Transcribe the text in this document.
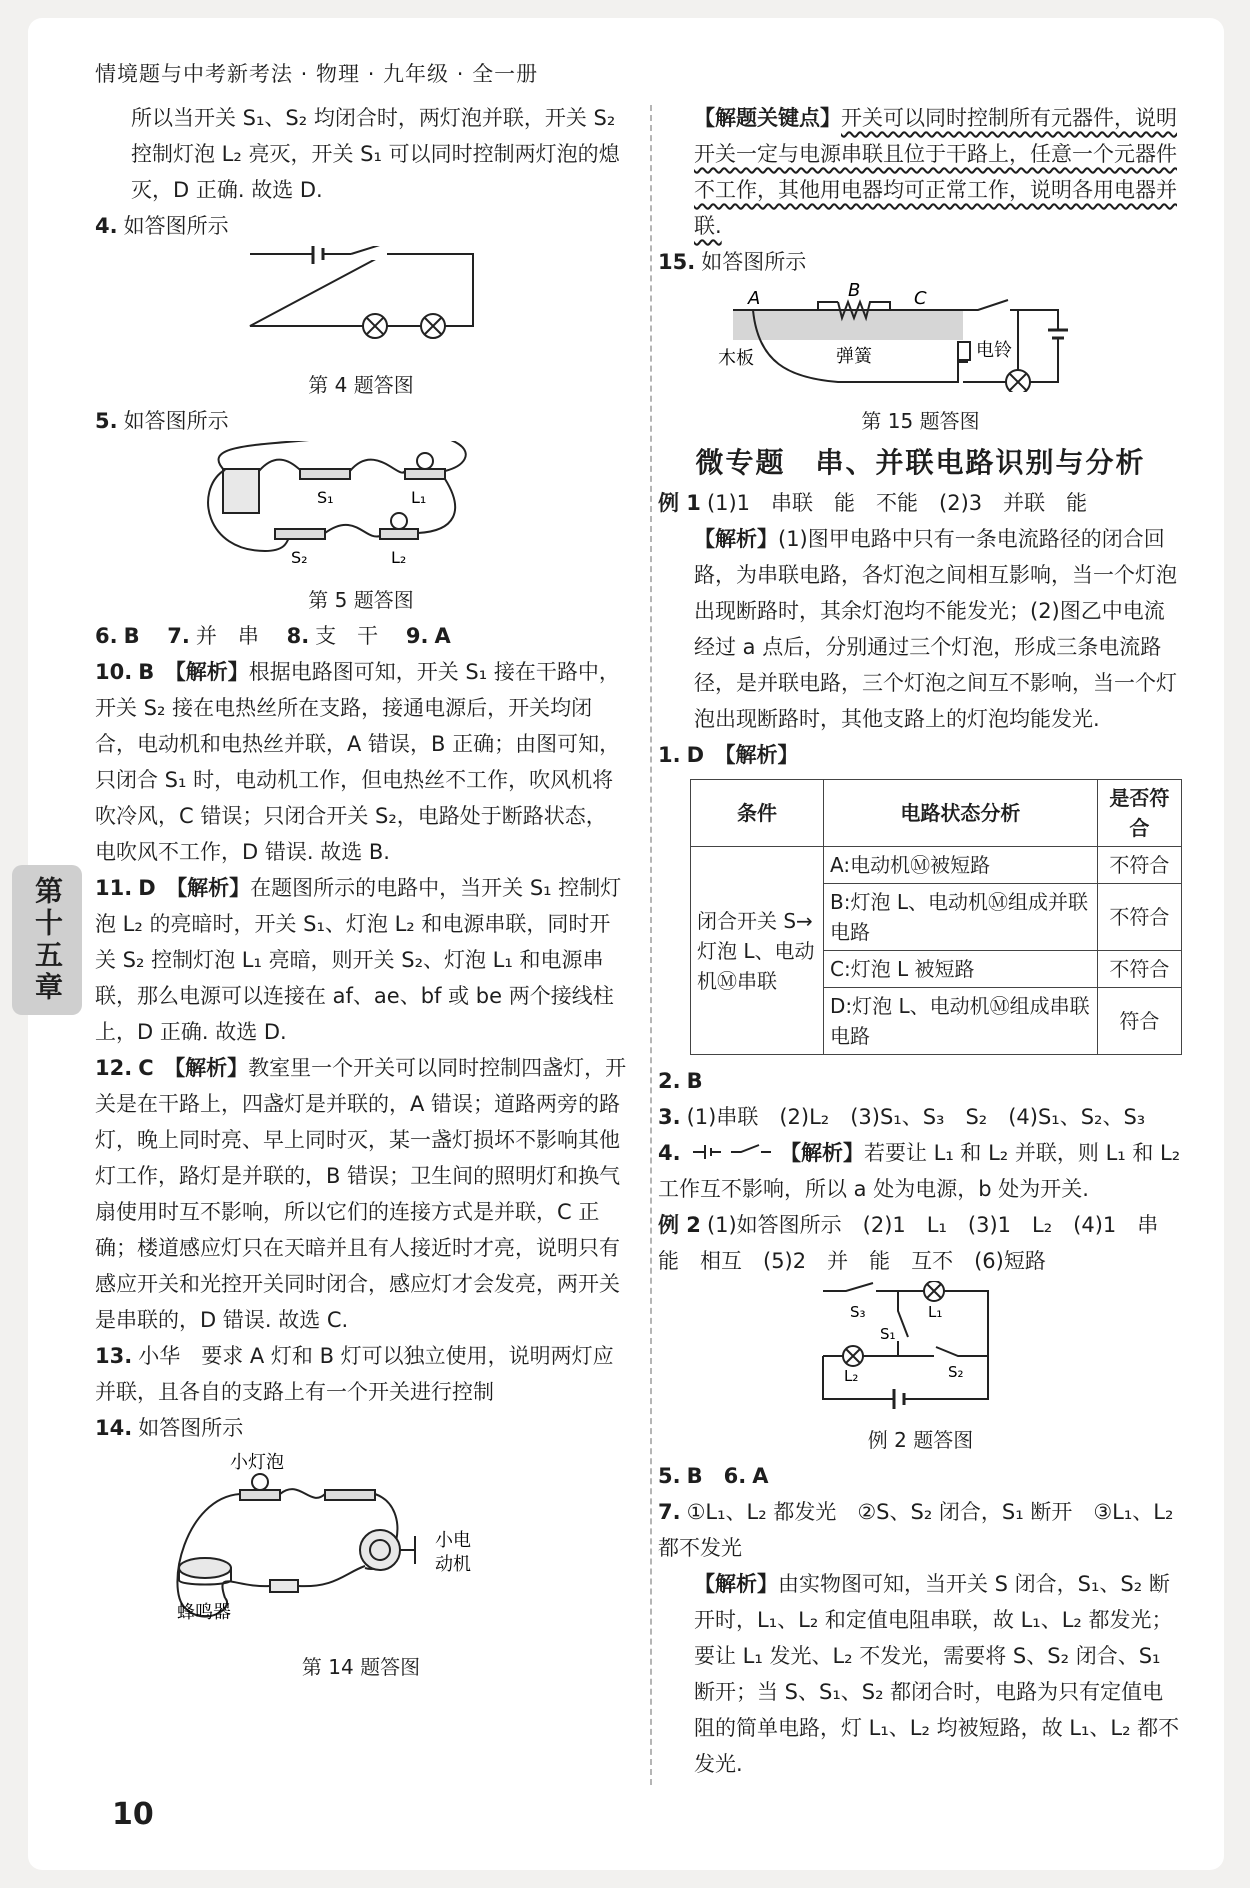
情境题与中考新考法 · 物理 · 九年级 · 全一册
第十五章

所以当开关 S₁、S₂ 均闭合时，两灯泡并联，开关 S₂ 控制灯泡 L₂ 亮灭，开关 S₁ 可以同时控制两灯泡的熄灭，D 正确. 故选 D.

4. 如答图所示

第 4 题答图

5. 如答图所示

S₁	L₁
S₂	L₂
第 5 题答图

6. B　 7. 并　串　 8. 支　干　 9. A

10. B　 【解析】根据电路图可知，开关 S₁ 接在干路中，开关 S₂ 接在电热丝所在支路，接通电源后，开关均闭合，电动机和电热丝并联，A 错误，B 正确；由图可知，只闭合 S₁ 时，电动机工作，但电热丝不工作，吹风机将吹冷风，C 错误；只闭合开关 S₂，电路处于断路状态，电吹风不工作，D 错误. 故选 B.

11. D　 【解析】在题图所示的电路中，当开关 S₁ 控制灯泡 L₂ 的亮暗时，开关 S₁、灯泡 L₂ 和电源串联，同时开关 S₂ 控制灯泡 L₁ 亮暗，则开关 S₂、灯泡 L₁ 和电源串联，那么电源可以连接在 af、ae、bf 或 be 两个接线柱上，D 正确. 故选 D.

12. C　 【解析】教室里一个开关可以同时控制四盏灯，开关是在干路上，四盏灯是并联的，A 错误；道路两旁的路灯，晚上同时亮、早上同时灭，某一盏灯损坏不影响其他灯工作，路灯是并联的，B 错误；卫生间的照明灯和换气扇使用时互不影响，所以它们的连接方式是并联，C 正确；楼道感应灯只在天暗并且有人接近时才亮，说明只有感应开关和光控开关同时闭合，感应灯才会发亮，两开关是串联的，D 错误. 故选 C.

13. 小华　要求 A 灯和 B 灯可以独立使用，说明两灯应并联，且各自的支路上有一个开关进行控制

14. 如答图所示

小灯泡
小电
动机
蜂鸣器
第 14 题答图

【解题关键点】开关可以同时控制所有元器件，说明开关一定与电源串联且位于干路上，任意一个元器件不工作，其他用电器均可正常工作，说明各用电器并联.

15. 如答图所示

A	B	C
木板	弹簧	电铃
第 15 题答图
微专题　串、并联电路识别与分析

例 1 (1)1　串联　能　不能　(2)3　并联　能

【解析】(1)图甲电路中只有一条电流路径的闭合回路，为串联电路，各灯泡之间相互影响，当一个灯泡出现断路时，其余灯泡均不能发光；(2)图乙中电流经过 a 点后，分别通过三个灯泡，形成三条电流路径，是并联电路，三个灯泡之间互不影响，当一个灯泡出现断路时，其他支路上的灯泡均能发光.

1. D　 【解析】

条件	电路状态分析	是否符合
闭合开关 S→灯泡 L、电动机Ⓜ串联	A:电动机Ⓜ被短路	不符合
	B:灯泡 L、电动机Ⓜ组成并联电路	不符合
	C:灯泡 L 被短路	不符合
	D:灯泡 L、电动机Ⓜ组成串联电路	符合

2. B

3. (1)串联　(2)L₂　(3)S₁、S₃　S₂　(4)S₁、S₂、S₃

4.	【解析】若要让 L₁ 和 L₂ 并联，则 L₁ 和 L₂ 工作互不影响，所以 a 处为电源，b 处为开关.

例 2 (1)如答图所示　(2)1　L₁　(3)1　L₂　(4)1　串　能　相互　(5)2　并　能　互不　(6)短路

S₃
S₁
L₁
L₂	S₂
例 2 题答图

5. B　 6. A

7. ①L₁、L₂ 都发光　②S、S₂ 闭合，S₁ 断开　③L₁、L₂ 都不发光

【解析】由实物图可知，当开关 S 闭合，S₁、S₂ 断开时，L₁、L₂ 和定值电阻串联，故 L₁、L₂ 都发光；要让 L₁ 发光、L₂ 不发光，需要将 S、S₂ 闭合、S₁ 断开；当 S、S₁、S₂ 都闭合时，电路为只有定值电阻的简单电路，灯 L₁、L₂ 均被短路，故 L₁、L₂ 都不发光.

10
